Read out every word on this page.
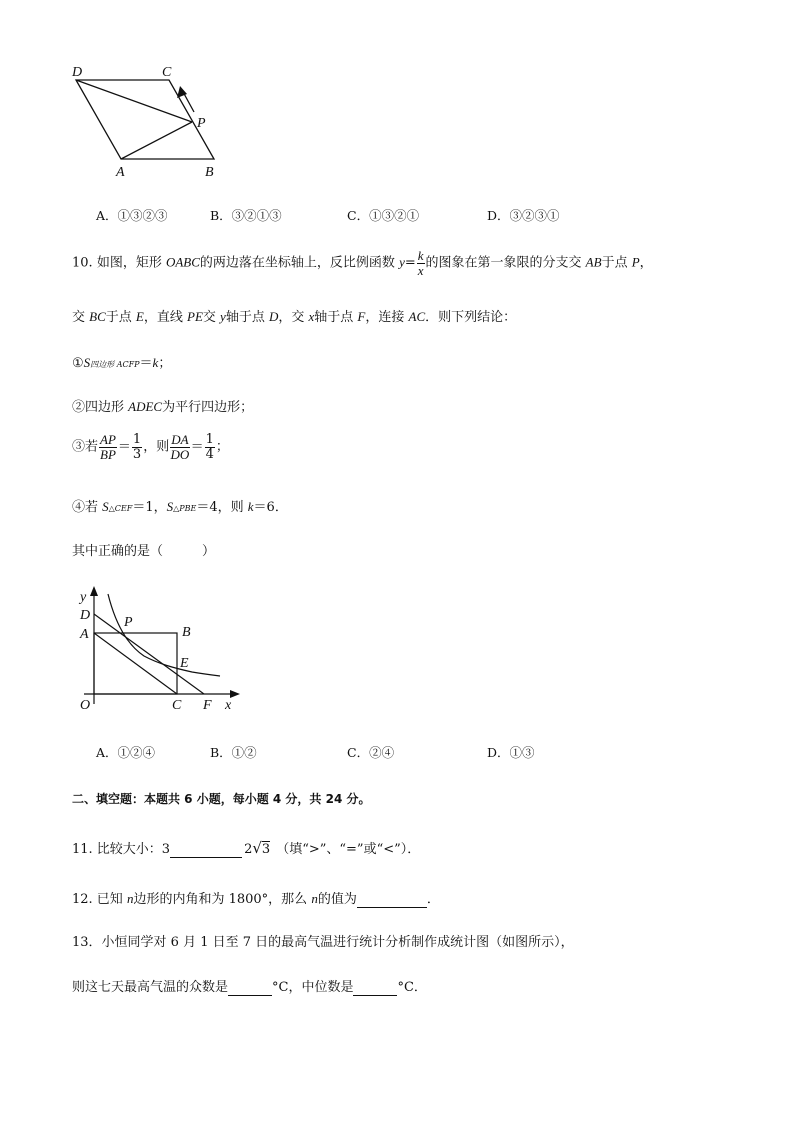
D	C
P
A	B
A．①③②③	B．③②①③	C．①③②①	D．③②③①
10. 如图，矩形 OABC的两边落在坐标轴上，反比例函数 $y= \frac{k}{x}$ 的图象在第一象限的分支交 AB于点 P，
交 BC于点 E，直线 PE交 y轴于点 D，交 x轴于点 F，连接 AC．则下列结论：
①S四边形 ACFP＝k；
②四边形 ADEC为平行四边形；
③若 $\frac{AP}{BP} = \frac{1}{3}$ ，则 $\frac{DA}{DO} = \frac{1}{4}$ ；
④若 S△CEF＝1，S△PBE＝4，则 k＝6．
其中正确的是（　　　）
y
D
A
P
B
E
O	C F x
A．①②④	B．①②	C．②④	D．①③
二、填空题：本题共 6 小题，每小题 4 分，共 24 分。
11. 比较大小：3	2√3 （填“>”、“=”或“<”）．
12. 已知 n边形的内角和为 1800°，那么 n的值为	．
13．小恒同学对 6 月 1 日至 7 日的最高气温进行统计分析制作成统计图（如图所示），
则这七天最高气温的众数是	°C，中位数是	°C．
